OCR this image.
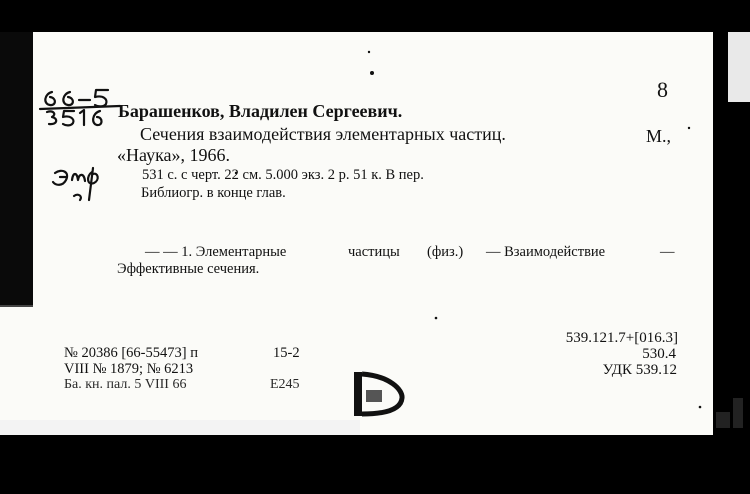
8
Барашенков, Владилен Сергеевич.
Сечения взаимодействия элементарных частиц.	М.,
«Наука», 1966.
531 с. с черт. 22 см. 5.000 экз. 2 р. 51 к. В пер.
Библиогр. в конце глав.
— — 1. Элементарные	частицы (физ.) — Взаимодействие	—
Эффективные сечения.
539.121.7+[016.3]
530.4
УДК 539.12
№ 20386 [66-55473] п	15-2
VIII № 1879; № 6213
Ба. кн. пал. 5 VIII 66	Е245
